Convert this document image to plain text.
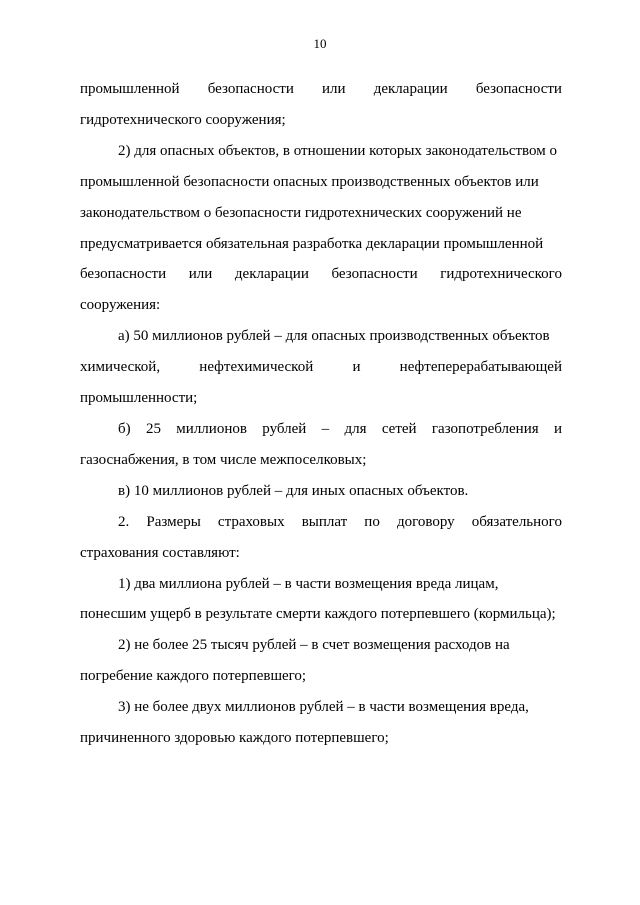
10
промышленной безопасности или декларации безопасности
гидротехнического сооружения;
2) для опасных объектов, в отношении которых законодательством о
промышленной безопасности опасных производственных объектов или
законодательством о безопасности гидротехнических сооружений не
предусматривается обязательная разработка декларации промышленной
безопасности или декларации безопасности гидротехнического
сооружения:
а) 50 миллионов рублей – для опасных производственных объектов
химической,	нефтехимической	и	нефтеперерабатывающей
промышленности;
б) 25 миллионов рублей – для сетей газопотребления и
газоснабжения, в том числе межпоселковых;
в) 10 миллионов рублей – для иных опасных объектов.
2. Размеры страховых выплат по договору обязательного
страхования составляют:
1) два миллиона рублей – в части возмещения вреда лицам,
понесшим ущерб в результате смерти каждого потерпевшего (кормильца);
2) не более 25 тысяч рублей – в счет возмещения расходов на
погребение каждого потерпевшего;
3) не более двух миллионов рублей – в части возмещения вреда,
причиненного здоровью каждого потерпевшего;
